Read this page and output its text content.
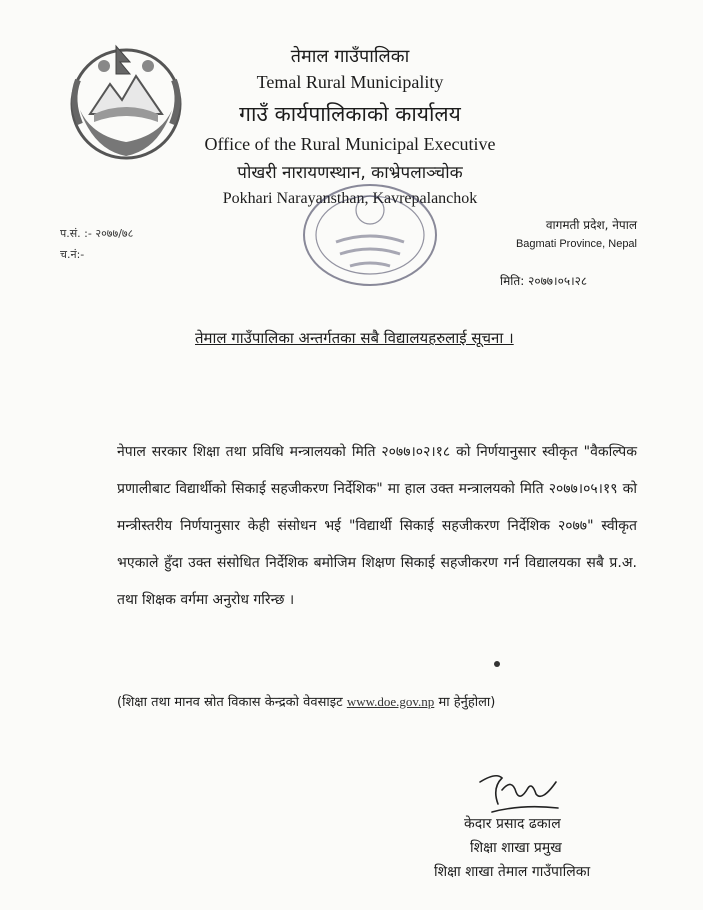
तेमाल गाउँपालिका
Temal Rural Municipality
गाउँ कार्यपालिकाको कार्यालय
Office of the Rural Municipal Executive
पोखरी नारायणस्थान, काभ्रेपलाञ्चोक
Pokhari Narayansthan, Kavrepalanchok
प.सं. :- २०७७/७८
च.नं:-
वागमती प्रदेश, नेपाल
Bagmati Province, Nepal
मिति: २०७७।०५।२८
तेमाल गाउँपालिका अन्तर्गतका सबै विद्यालयहरुलाई सूचना ।
नेपाल सरकार शिक्षा तथा प्रविधि मन्त्रालयको मिति २०७७।०२।१८ को निर्णयानुसार स्वीकृत "वैकल्पिक प्रणालीबाट विद्यार्थीको सिकाई सहजीकरण निर्देशिक" मा हाल उक्त मन्त्रालयको मिति २०७७।०५।१९ को मन्त्रीस्तरीय निर्णयानुसार केही संसोधन भई "विद्यार्थी सिकाई सहजीकरण निर्देशिक २०७७" स्वीकृत भएकाले हुँदा उक्त संसोधित निर्देशिक बमोजिम शिक्षण सिकाई सहजीकरण गर्न विद्यालयका सबै प्र.अ. तथा शिक्षक वर्गमा अनुरोध गरिन्छ ।
(शिक्षा तथा मानव स्रोत विकास केन्द्रको वेवसाइट www.doe.gov.np मा हेर्नुहोला)
केदार प्रसाद ढकाल
शिक्षा शाखा प्रमुख
शिक्षा शाखा तेमाल गाउँपालिका
